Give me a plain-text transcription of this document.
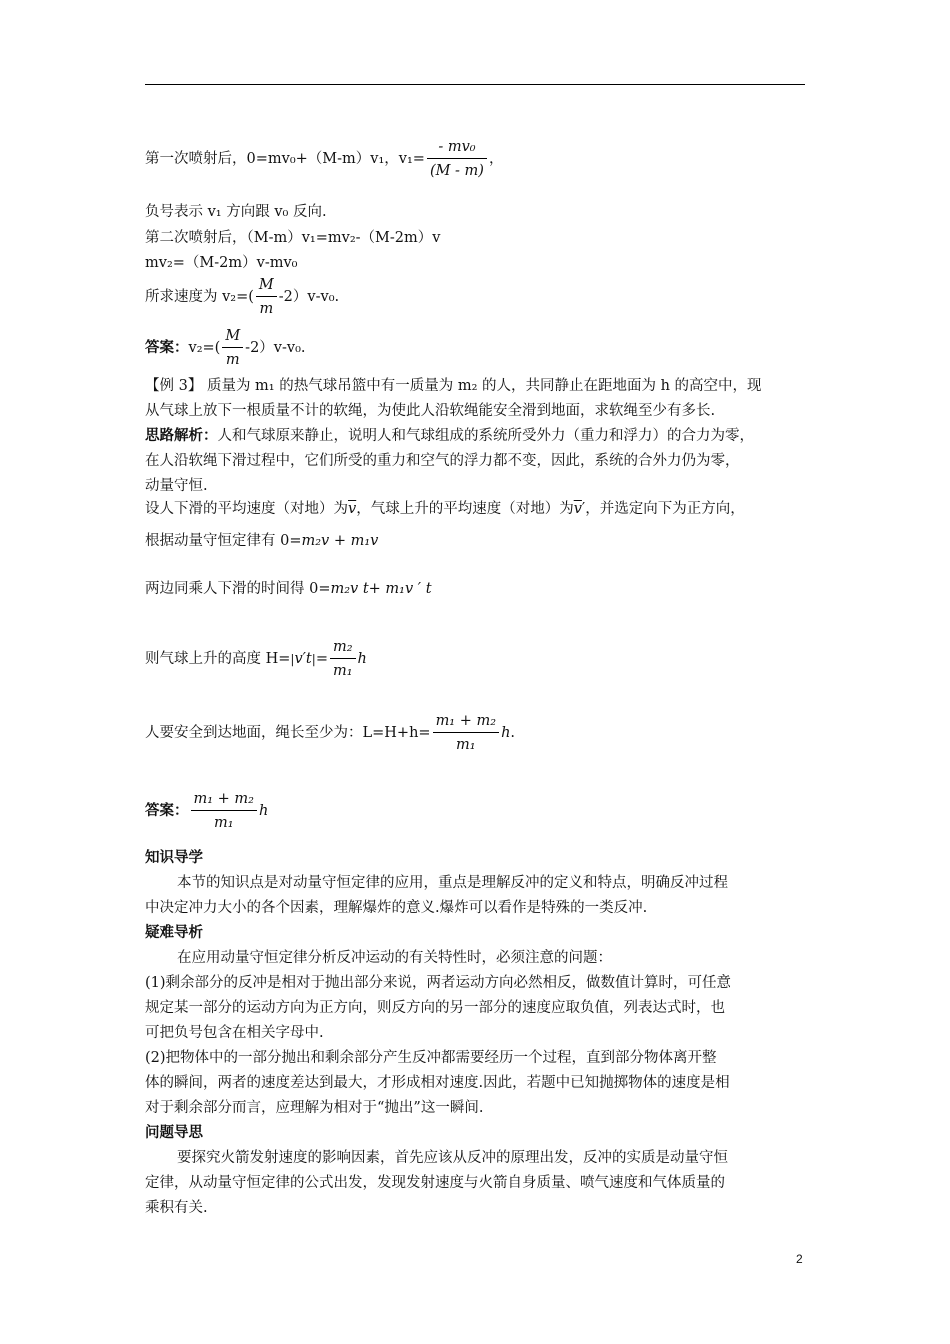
第一次喷射后，0=mv₀+（M-m）v₁，$v_1= \frac{\text{- mv₀}}{(M - m)}$ ，
负号表示 v₁ 方向跟 v₀ 反向.
第二次喷射后，（M-m）v₁=mv₂-（M-2m）v
mv₂=（M-2m）v-mv₀
所求速度为 $v_2=( \frac{M}{m} -2)v-v_0$.
答案：$v_2=( \frac{M}{m} -2)v-v_0$.
【例 3】 质量为 m₁ 的热气球吊篮中有一质量为 m₂ 的人，共同静止在距地面为 h 的高空中，现
从气球上放下一根质量不计的软绳，为使此人沿软绳能安全滑到地面，求软绳至少有多长.
思路解析：人和气球原来静止，说明人和气球组成的系统所受外力（重力和浮力）的合力为零，
在人沿软绳下滑过程中，它们所受的重力和空气的浮力都不变，因此，系统的合外力仍为零，
动量守恒.
设人下滑的平均速度（对地）为$\overline{v}$，气球上升的平均速度（对地）为$\overline{v}'$，并选定向下为正方向，
根据动量守恒定律有 0=m₂v + m₁v
两边同乘人下滑的时间得 0=m₂v t+ m₁v ′ t
则气球上升的高度 $H=|v't|= \frac{\text{m₂}}{\text{m₁}}$ h
人要安全到达地面，绳长至少为：$L=H+h= \frac{\text{m₁ + m₂}}{\text{m₁}} h$.
答案： $\frac{\text{m₁ + m₂}}{\text{m₁}}$ h
知识导学
本节的知识点是对动量守恒定律的应用，重点是理解反冲的定义和特点，明确反冲过程
中决定冲力大小的各个因素，理解爆炸的意义.爆炸可以看作是特殊的一类反冲.
疑难导析
在应用动量守恒定律分析反冲运动的有关特性时，必须注意的问题：
(1)剩余部分的反冲是相对于抛出部分来说，两者运动方向必然相反，做数值计算时，可任意
规定某一部分的运动方向为正方向，则反方向的另一部分的速度应取负值，列表达式时，也
可把负号包含在相关字母中.
(2)把物体中的一部分抛出和剩余部分产生反冲都需要经历一个过程，直到部分物体离开整
体的瞬间，两者的速度差达到最大，才形成相对速度.因此，若题中已知抛掷物体的速度是相
对于剩余部分而言，应理解为相对于“抛出”这一瞬间.
问题导思
要探究火箭发射速度的影响因素，首先应该从反冲的原理出发，反冲的实质是动量守恒
定律，从动量守恒定律的公式出发，发现发射速度与火箭自身质量、喷气速度和气体质量的
乘积有关.
2
